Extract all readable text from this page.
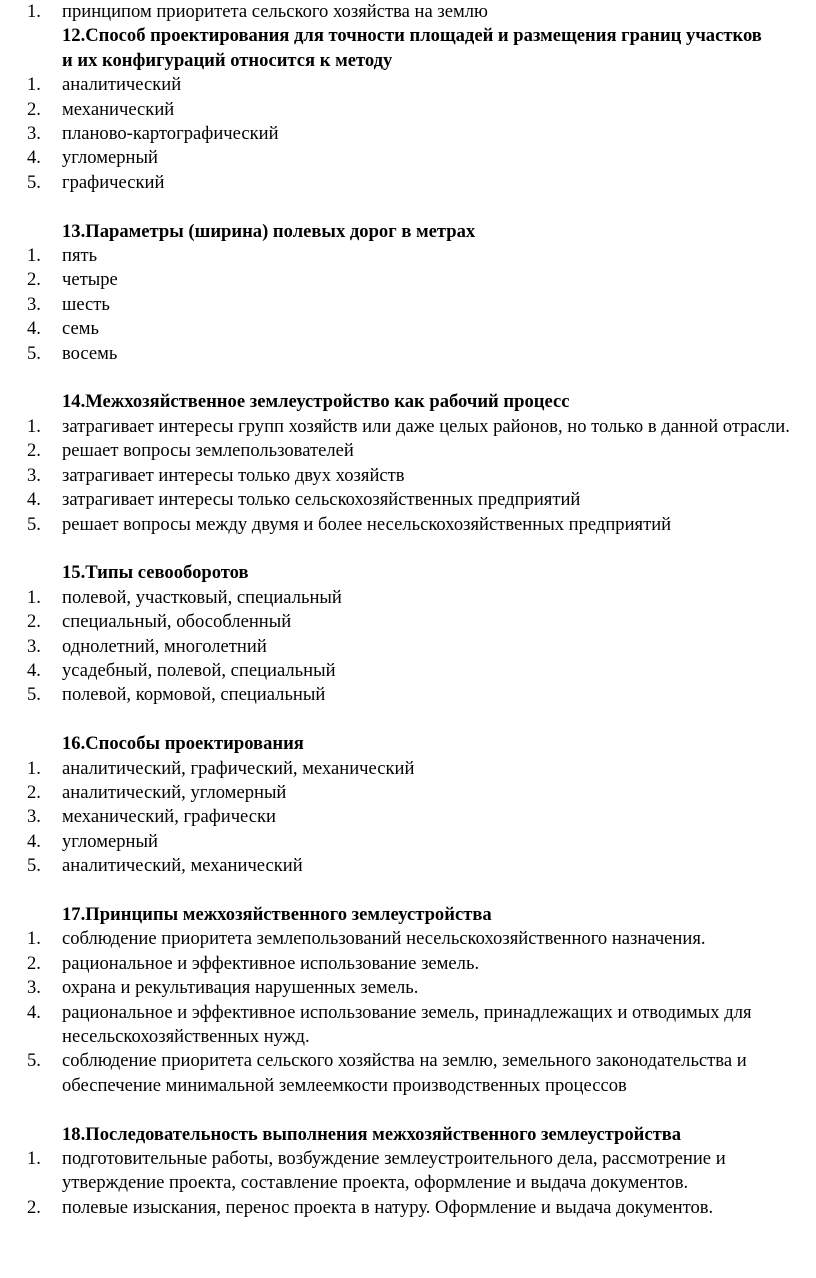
1. принципом приоритета сельского хозяйства на землю
12.Способ проектирования для точности площадей и размещения границ участков и их конфигураций относится к методу
1. аналитический
2. механический
3. планово-картографический
4. угломерный
5. графический
13.Параметры (ширина) полевых дорог в метрах
1. пять
2. четыре
3. шесть
4. семь
5. восемь
14.Межхозяйственное землеустройство как рабочий процесс
1. затрагивает интересы групп хозяйств или даже целых районов, но только в данной отрасли.
2. решает вопросы землепользователей
3. затрагивает интересы только двух хозяйств
4. затрагивает интересы только сельскохозяйственных предприятий
5. решает вопросы между двумя и более несельскохозяйственных предприятий
15.Типы севооборотов
1. полевой, участковый, специальный
2. специальный, обособленный
3. однолетний, многолетний
4. усадебный, полевой, специальный
5. полевой, кормовой, специальный
16.Способы проектирования
1. аналитический, графический, механический
2. аналитический, угломерный
3. механический, графически
4. угломерный
5. аналитический, механический
17.Принципы межхозяйственного землеустройства
1. соблюдение приоритета землепользований несельскохозяйственного назначения.
2. рациональное и эффективное использование земель.
3. охрана и рекультивация нарушенных земель.
4. рациональное и эффективное использование земель, принадлежащих и отводимых для несельскохозяйственных нужд.
5. соблюдение приоритета сельского хозяйства на землю, земельного законодательства и обеспечение минимальной землеемкости производственных процессов
18.Последовательность выполнения межхозяйственного землеустройства
1. подготовительные работы, возбуждение землеустроительного дела, рассмотрение и утверждение проекта, составление проекта, оформление и выдача документов.
2. полевые изыскания, перенос проекта в натуру. Оформление и выдача документов.
